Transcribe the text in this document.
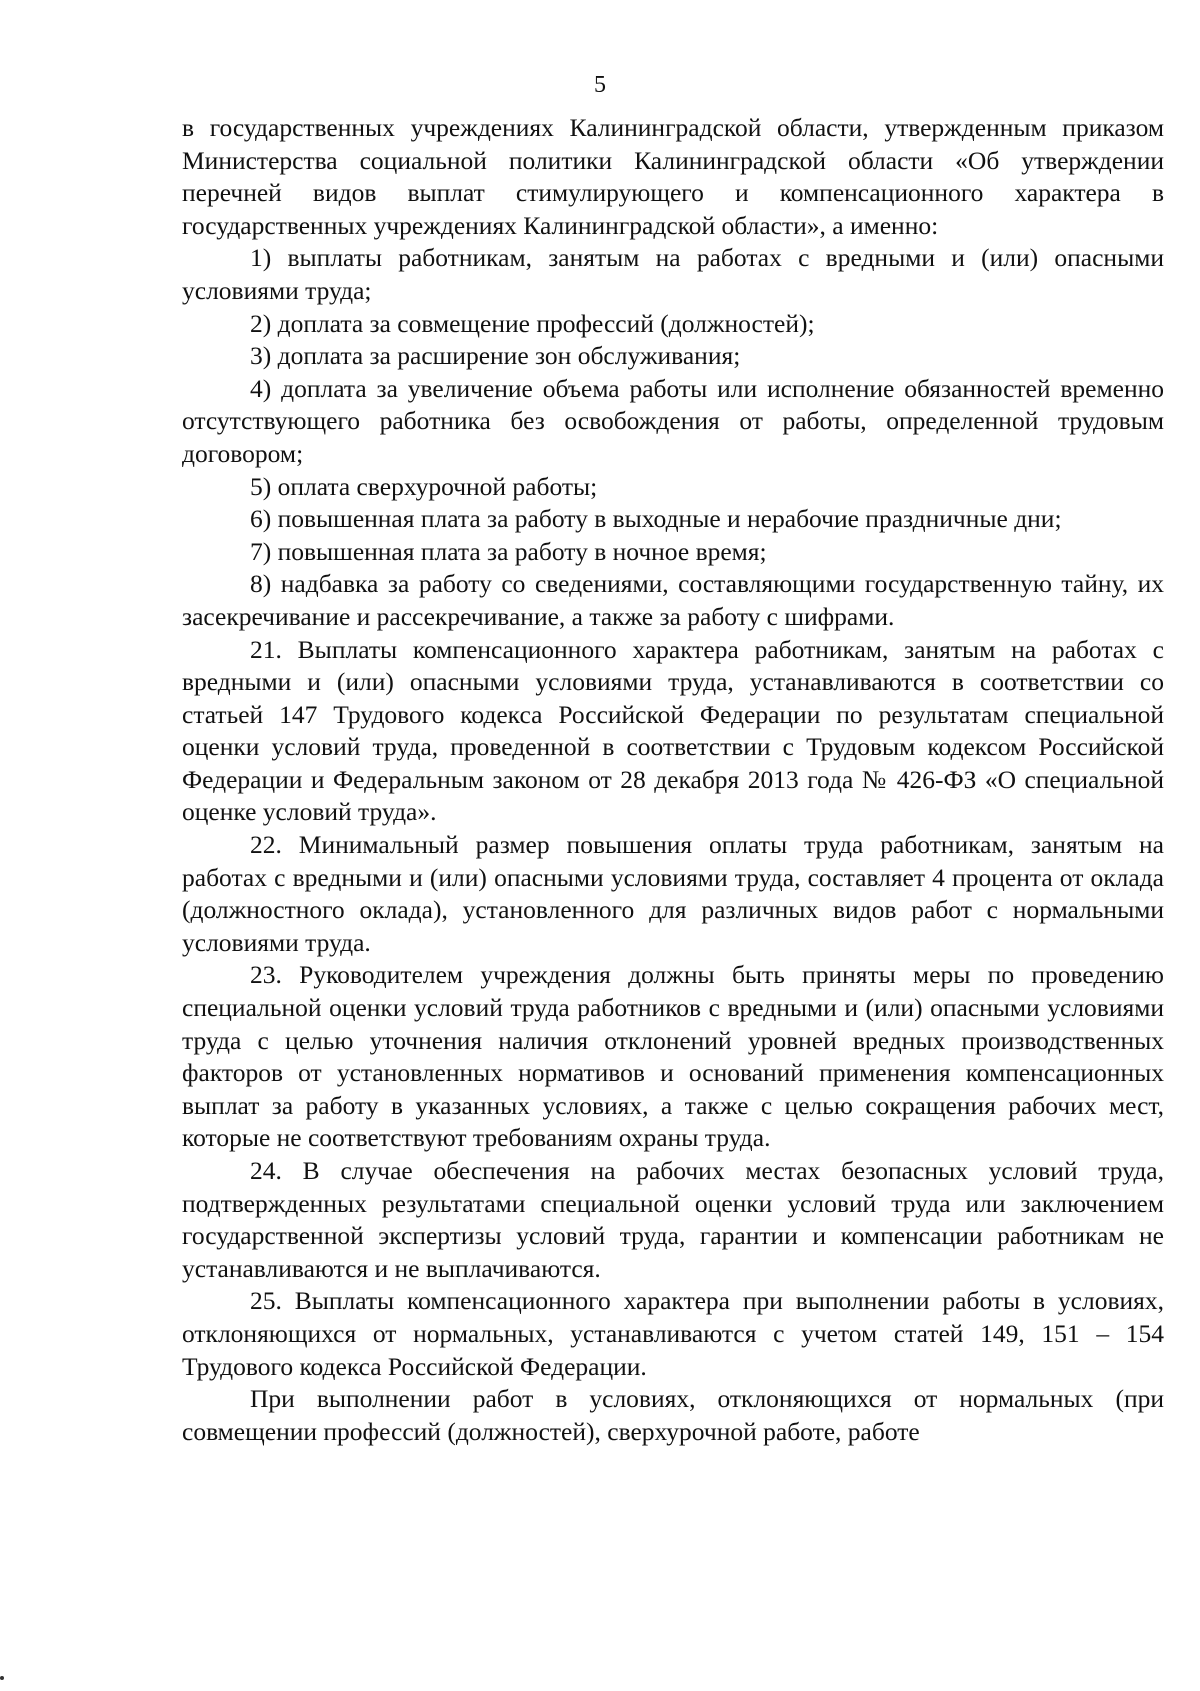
5

в государственных учреждениях Калининградской области, утвержденным приказом Министерства социальной политики Калининградской области «Об утверждении перечней видов выплат стимулирующего и компенсационного характера в государственных учреждениях Калининградской области», а именно:

1) выплаты работникам, занятым на работах с вредными и (или) опасными условиями труда;

2) доплата за совмещение профессий (должностей);

3) доплата за расширение зон обслуживания;

4) доплата за увеличение объема работы или исполнение обязанностей временно отсутствующего работника без освобождения от работы, определенной трудовым договором;

5) оплата сверхурочной работы;

6) повышенная плата за работу в выходные и нерабочие праздничные дни;

7) повышенная плата за работу в ночное время;

8) надбавка за работу со сведениями, составляющими государственную тайну, их засекречивание и рассекречивание, а также за работу с шифрами.

21. Выплаты компенсационного характера работникам, занятым на работах с вредными и (или) опасными условиями труда, устанавливаются в соответствии со статьей 147 Трудового кодекса Российской Федерации по результатам специальной оценки условий труда, проведенной в соответствии с Трудовым кодексом Российской Федерации и Федеральным законом от 28 декабря 2013 года № 426-ФЗ «О специальной оценке условий труда».

22. Минимальный размер повышения оплаты труда работникам, занятым на работах с вредными и (или) опасными условиями труда, составляет 4 процента от оклада (должностного оклада), установленного для различных видов работ с нормальными условиями труда.

23. Руководителем учреждения должны быть приняты меры по проведению специальной оценки условий труда работников с вредными и (или) опасными условиями труда с целью уточнения наличия отклонений уровней вредных производственных факторов от установленных нормативов и оснований применения компенсационных выплат за работу в указанных условиях, а также с целью сокращения рабочих мест, которые не соответствуют требованиям охраны труда.

24. В случае обеспечения на рабочих местах безопасных условий труда, подтвержденных результатами специальной оценки условий труда или заключением государственной экспертизы условий труда, гарантии и компенсации работникам не устанавливаются и не выплачиваются.

25. Выплаты компенсационного характера при выполнении работы в условиях, отклоняющихся от нормальных, устанавливаются с учетом статей 149, 151 – 154 Трудового кодекса Российской Федерации.

При выполнении работ в условиях, отклоняющихся от нормальных (при совмещении профессий (должностей), сверхурочной работе, работе
